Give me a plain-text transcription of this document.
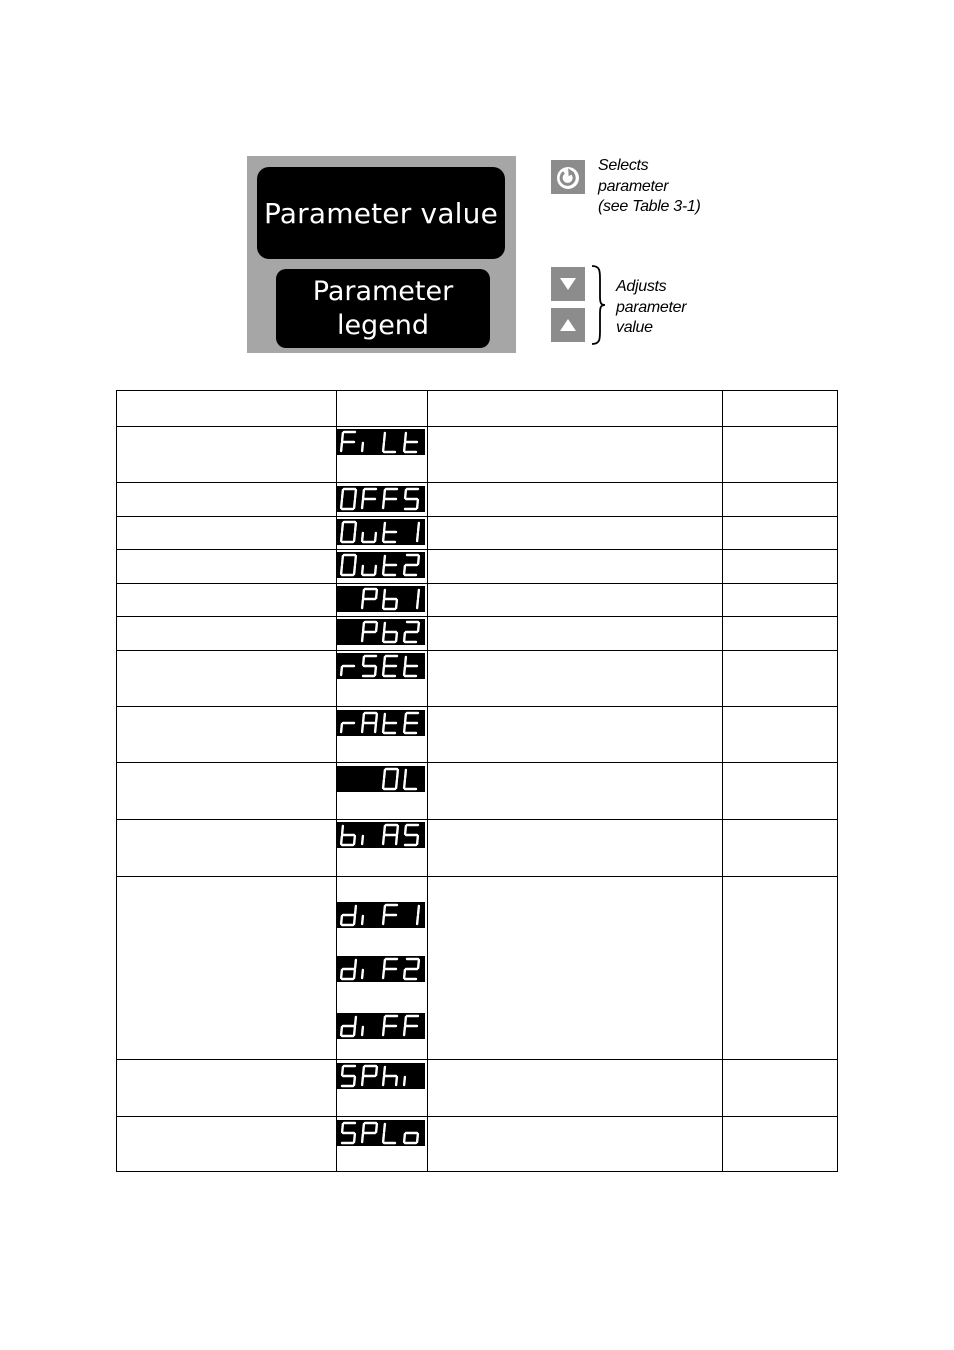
Parameter value
Parameter
legend
Selects
parameter
(see Table 3-1)
Adjusts
parameter
value
